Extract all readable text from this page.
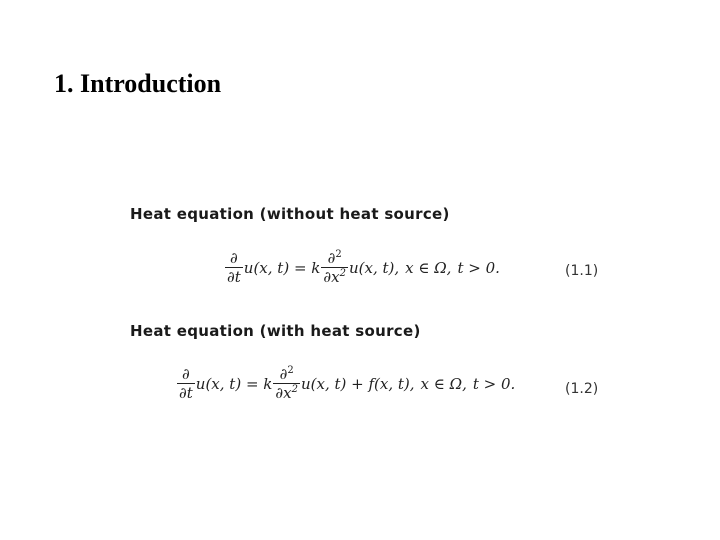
1. Introduction
Heat equation (without heat source)
$\frac{\partial}{\partial t} u(x$, t) = k $\frac{\partial^2}{\partial x^2} u(x$, t), x ∈ Ω, t > 0.	(1.1)
Heat equation (with heat source)
$\frac{\partial}{\partial t} u(x$, t) = k $\frac{\partial^2}{\partial x^2} u(x$, t) + f(x, t), x ∈ Ω, t > 0.	(1.2)
